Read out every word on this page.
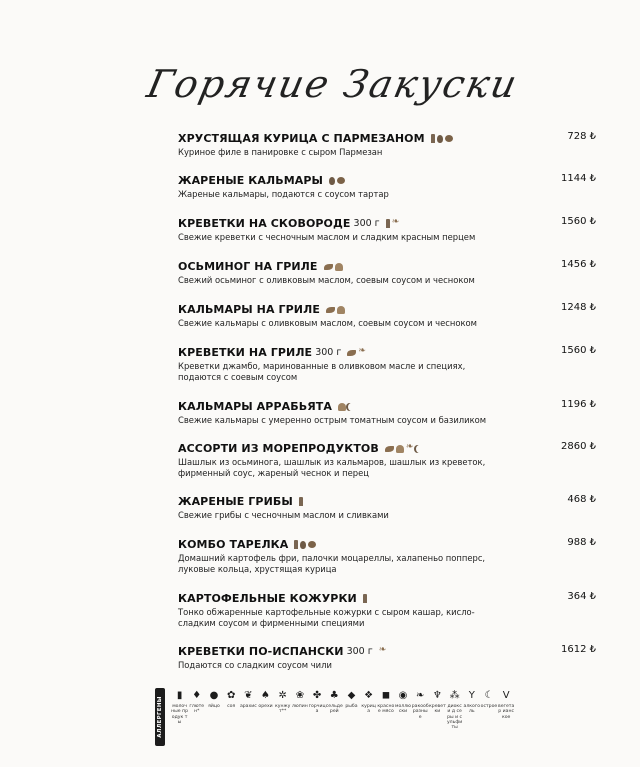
Горячие Закуски
ХРУСТЯЩАЯ КУРИЦА С ПАРМЕЗАНОМ	728 ₺
Куриное филе в панировке с сыром Пармезан
ЖАРЕНЫЕ КАЛЬМАРЫ	1144 ₺
Жареные кальмары, подаются с соусом тартар
КРЕВЕТКИ НА СКОВОРОДЕ 300 г ❧	1560 ₺
Свежие креветки с чесночным маслом и сладким красным перцем
ОСЬМИНОГ НА ГРИЛЕ	1456 ₺
Свежий осьминог с оливковым маслом, соевым соусом и чесноком
КАЛЬМАРЫ НА ГРИЛЕ	1248 ₺
Свежие кальмары с оливковым маслом, соевым соусом и чесноком
КРЕВЕТКИ НА ГРИЛЕ 300 г ❧	1560 ₺
Креветки джамбо, маринованные в оливковом масле и специях, подаются с соевым соусом
КАЛЬМАРЫ АРРАБЬЯТА	1196 ₺
Свежие кальмары с умеренно острым томатным соусом и базиликом
АССОРТИ ИЗ МОРЕПРОДУКТОВ ❧	2860 ₺
Шашлык из осьминога, шашлык из кальмаров, шашлык из креветок, фирменный соус, жареный чеснок и перец
ЖАРЕНЫЕ ГРИБЫ	468 ₺
Свежие грибы с чесночным маслом и сливками
КОМБО ТАРЕЛКА	988 ₺
Домашний картофель фри, палочки моцареллы, халапеньо попперс, луковые кольца, хрустящая курица
КАРТОФЕЛЬНЫЕ КОЖУРКИ	364 ₺
Тонко обжаренные картофельные кожурки с сыром кашар, кисло-сладким соусом и фирменными специями
КРЕВЕТКИ ПО-ИСПАНСКИ 300 г ❧	1612 ₺
Подаются со сладким соусом чили
АЛЛЕРГЕНЫ
▮
молоч ные продук ты
♦
глютен*
●
яйцо
✿
соя
❦
арахис
♠
орехи
✲
кунжут**
❀
люпин
✤
горчица
♣
сельде рей
◆
рыба
❖
курица
◼
красное мясо
◉
моллю ски
❧
ракооб разные
♆
креветки
⁂
диокси д серы и сульфи ты
Y
алкоголь
☾
острое
V
вегетар ианское
